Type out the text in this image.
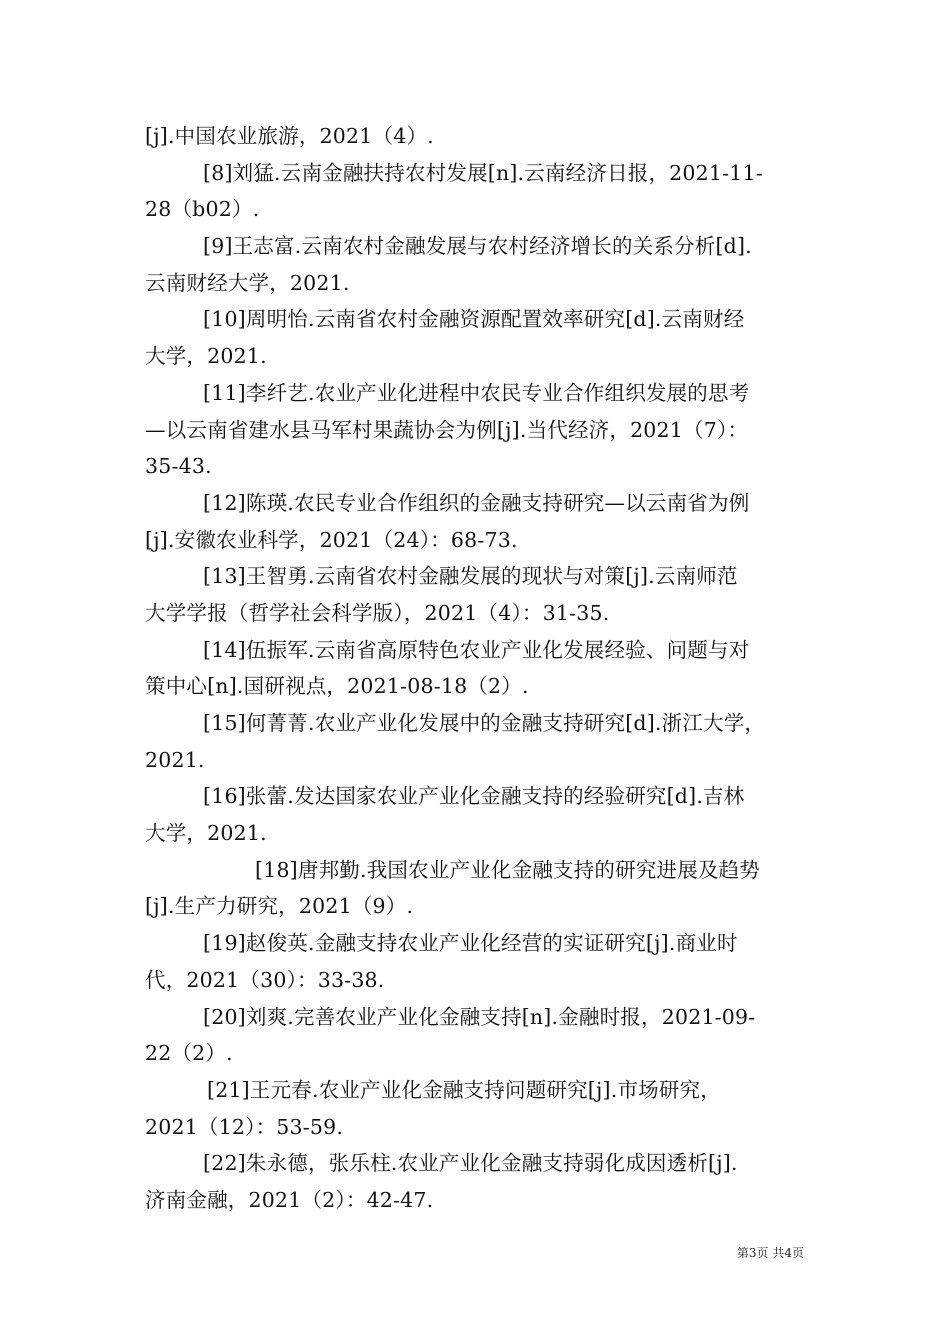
[j].中国农业旅游，2021（4）.
[8]刘猛.云南金融扶持农村发展[n].云南经济日报，2021-11-
28（b02）.
[9]王志富.云南农村金融发展与农村经济增长的关系分析[d].
云南财经大学，2021.
[10]周明怡.云南省农村金融资源配置效率研究[d].云南财经
大学，2021.
[11]李纤艺.农业产业化进程中农民专业合作组织发展的思考
—以云南省建水县马军村果蔬协会为例[j].当代经济，2021（7）：
35-43.
[12]陈瑛.农民专业合作组织的金融支持研究—以云南省为例
[j].安徽农业科学，2021（24）：68-73.
[13]王智勇.云南省农村金融发展的现状与对策[j].云南师范
大学学报（哲学社会科学版），2021（4）：31-35.
[14]伍振军.云南省高原特色农业产业化发展经验、问题与对
策中心[n].国研视点，2021-08-18（2）.
[15]何菁菁.农业产业化发展中的金融支持研究[d].浙江大学，
2021.
[16]张蕾.发达国家农业产业化金融支持的经验研究[d].吉林
大学，2021.
[18]唐邦勤.我国农业产业化金融支持的研究进展及趋势
[j].生产力研究，2021（9）.
[19]赵俊英.金融支持农业产业化经营的实证研究[j].商业时
代，2021（30）：33-38.
[20]刘爽.完善农业产业化金融支持[n].金融时报，2021-09-
22（2）.
[21]王元春.农业产业化金融支持问题研究[j].市场研究，
2021（12）：53-59.
[22]朱永德，张乐柱.农业产业化金融支持弱化成因透析[j].
济南金融，2021（2）：42-47.
第3页 共4页
